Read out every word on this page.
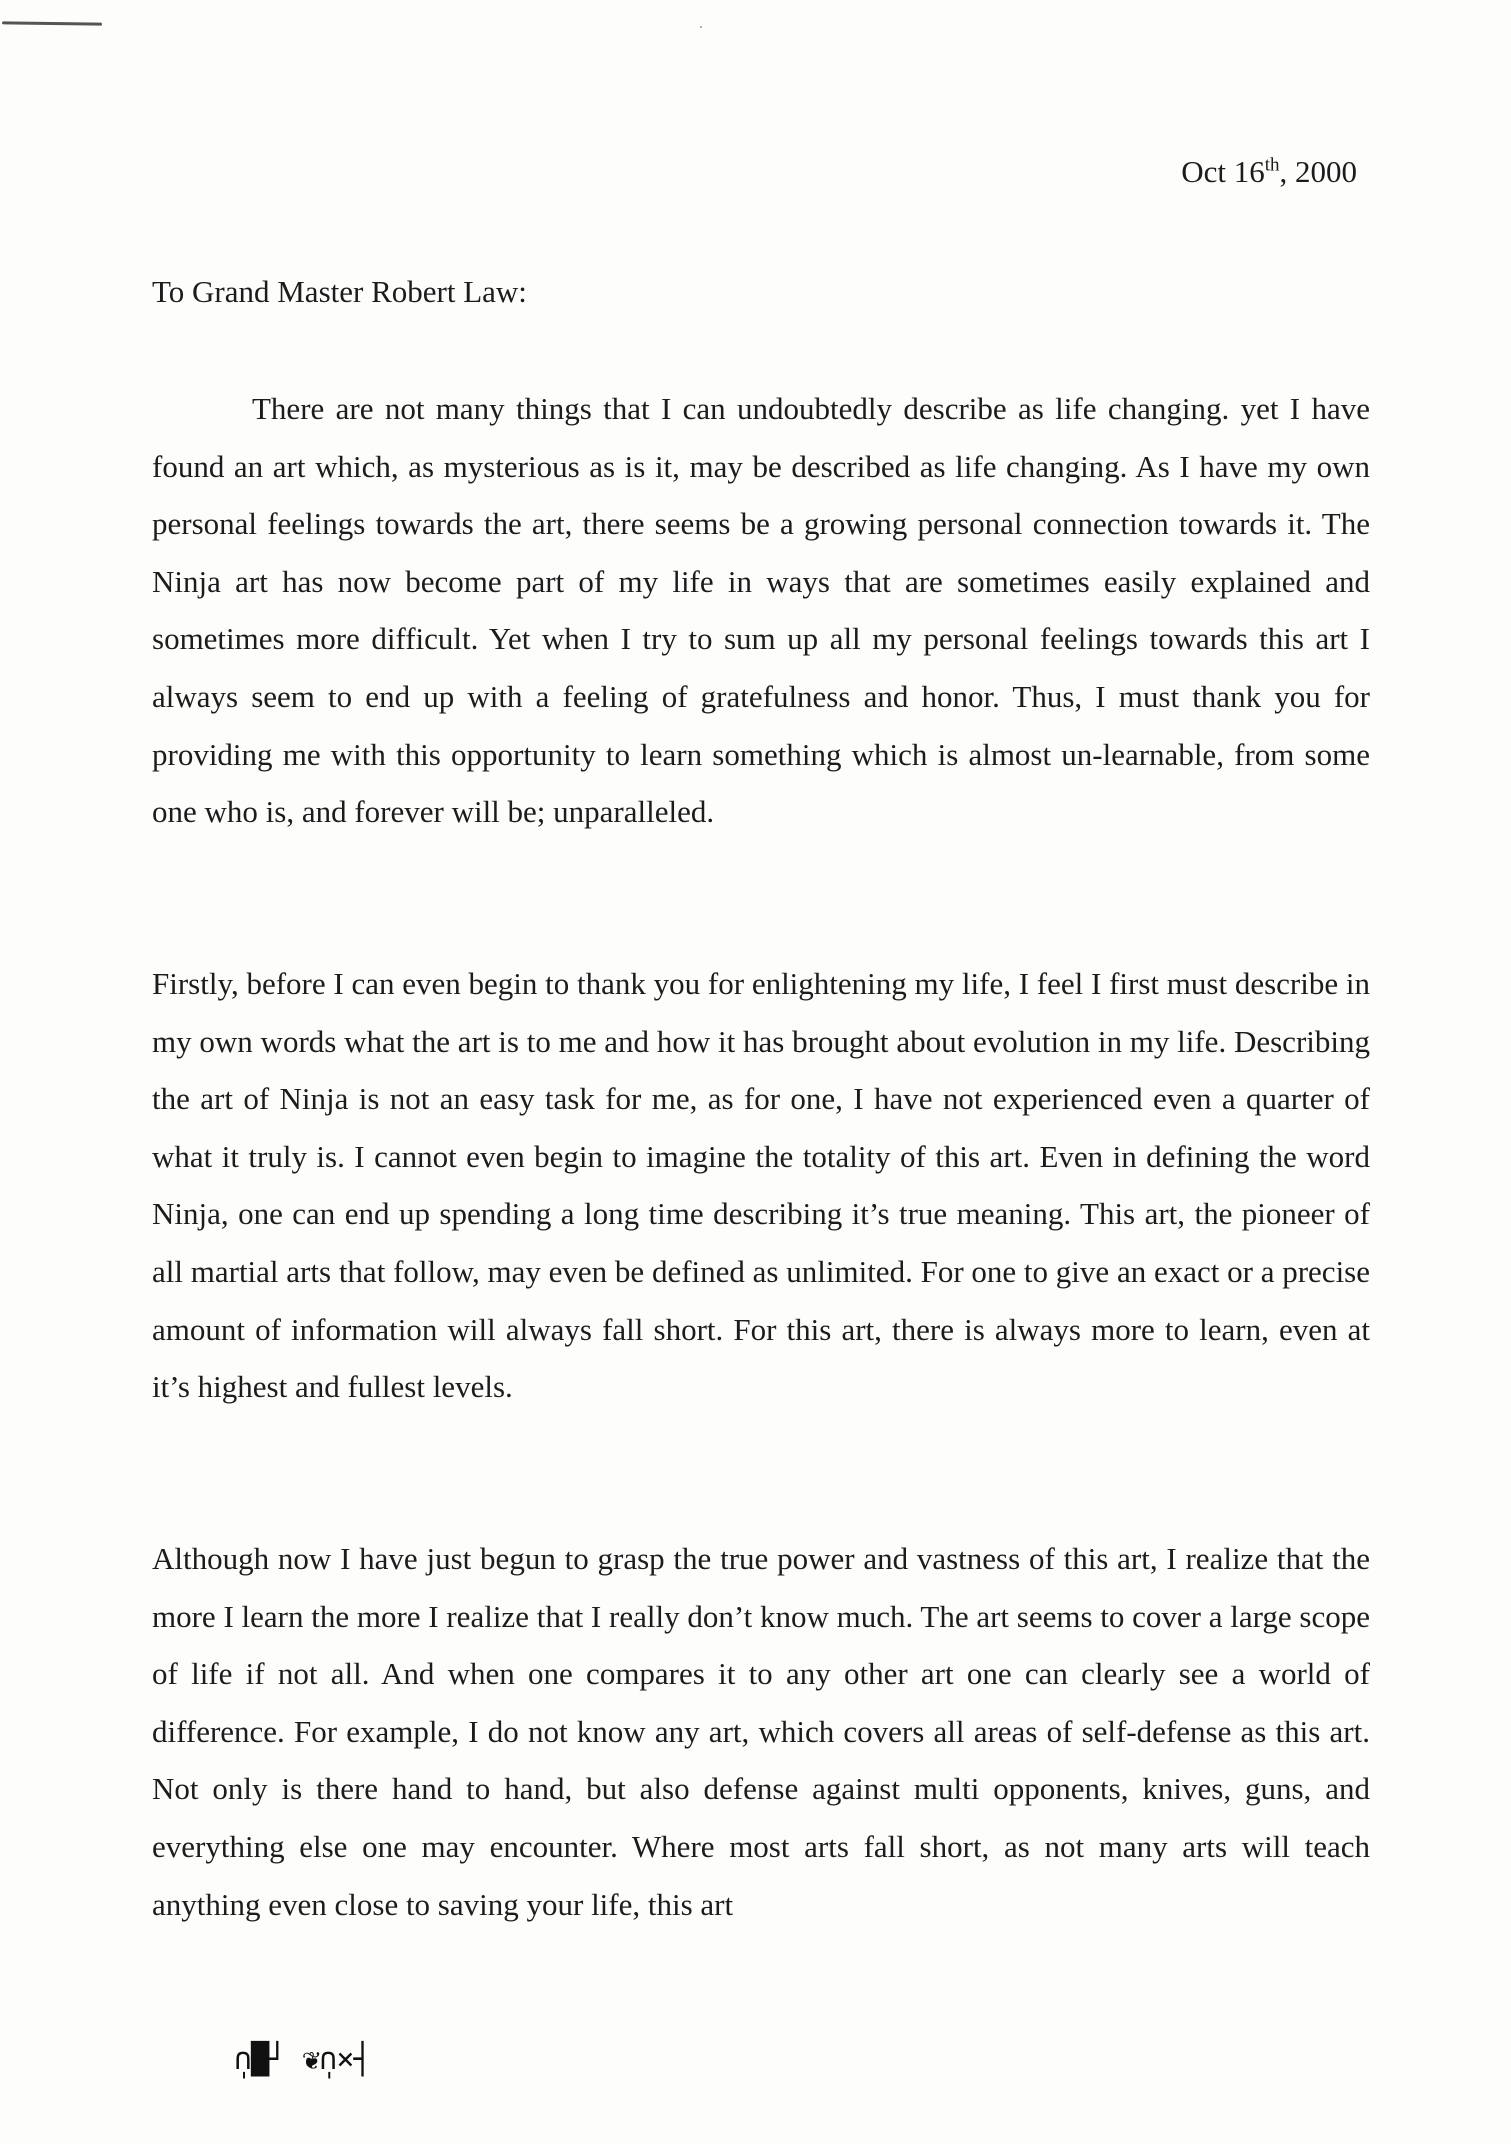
Oct 16th, 2000
To Grand Master Robert Law:

There are not many things that I can undoubtedly describe as life changing. yet I have found an art which, as mysterious as is it, may be described as life changing. As I have my own personal feelings towards the art, there seems be a growing personal connection towards it. The Ninja art has now become part of my life in ways that are sometimes easily explained and sometimes more difficult. Yet when I try to sum up all my personal feelings towards this art I always seem to end up with a feeling of gratefulness and honor. Thus, I must thank you for providing me with this opportunity to learn something which is almost un-learnable, from some one who is, and forever will be; unparalleled.

Firstly, before I can even begin to thank you for enlightening my life, I feel I first must describe in my own words what the art is to me and how it has brought about evolution in my life. Describing the art of Ninja is not an easy task for me, as for one, I have not experienced even a quarter of what it truly is. I cannot even begin to imagine the totality of this art. Even in defining the word Ninja, one can end up spending a long time describing it’s true meaning. This art, the pioneer of all martial arts that follow, may even be defined as unlimited. For one to give an exact or a precise amount of information will always fall short. For this art, there is always more to learn, even at it’s highest and fullest levels.

Although now I have just begun to grasp the true power and vastness of this art, I realize that the more I learn the more I realize that I really don’t know much. The art seems to cover a large scope of life if not all. And when one compares it to any other art one can clearly see a world of difference. For example, I do not know any art, which covers all areas of self-defense as this art. Not only is there hand to hand, but also defense against multi opponents, knives, guns, and everything else one may encounter. Where most arts fall short, as not many arts will teach anything even close to saving your life, this art

̩∩█┘ ❦̩∩×┤
